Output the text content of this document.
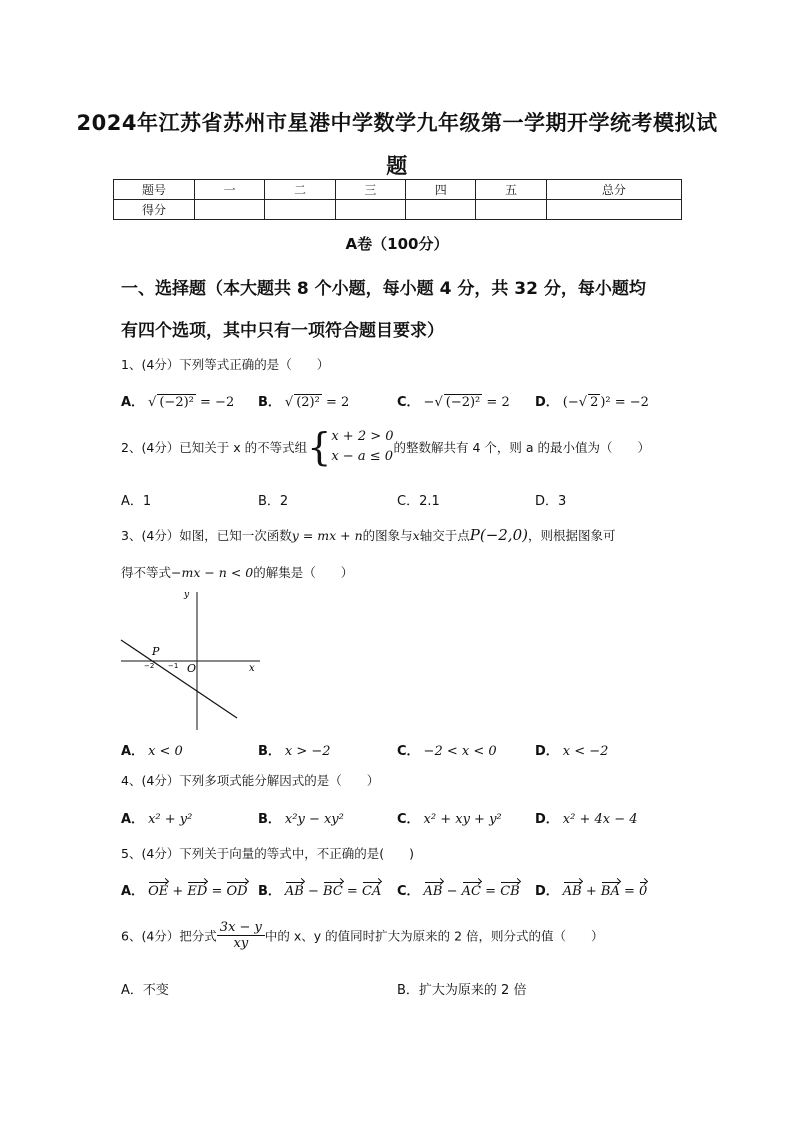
2024年江苏省苏州市星港中学数学九年级第一学期开学统考模拟试
题
题号	一	二	三	四	五	总分
得分						
A卷（100分）
一、选择题（本大题共 8 个小题，每小题 4 分，共 32 分，每小题均
有四个选项，其中只有一项符合题目要求）
1、(4分）下列等式正确的是（　　）
A． √ (−2)² = −2 B． √ (2)² = 2	C． −√ (−2)² = 2 D． (−√ 2 )² = −2
2、(4分）已知关于 x 的不等式组{ x + 2 > 0
x − a ≤ 0
的整数解共有 4 个，则 a 的最小值为（　　）
A．1	B．2	C．2.1	D．3
3、(4分）如图，已知一次函数y = mx + n的图象与x轴交于点P(−2,0)，则根据图象可
得不等式−mx − n < 0的解集是（　　）
y
x
O
P
−2 −1
A． x < 0	B． x > −2	C． −2 < x < 0	D． x < −2
4、(4分）下列多项式能分解因式的是（　　）
A． x² + y²	B． x²y − xy²	C． x² + xy + y²	D． x² + 4x − 4
5、(4分）下列关于向量的等式中，不正确的是(　　)
A． OE + ED = OD B． AB − BC = CA C． AB − AC = CB D． AB + BA = 0
6、(4分）把分式 $\frac{3x - y}{xy}$ 中的 x、y 的值同时扩大为原来的 2 倍，则分式的值（　　）
A．不变	B．扩大为原来的 2 倍
